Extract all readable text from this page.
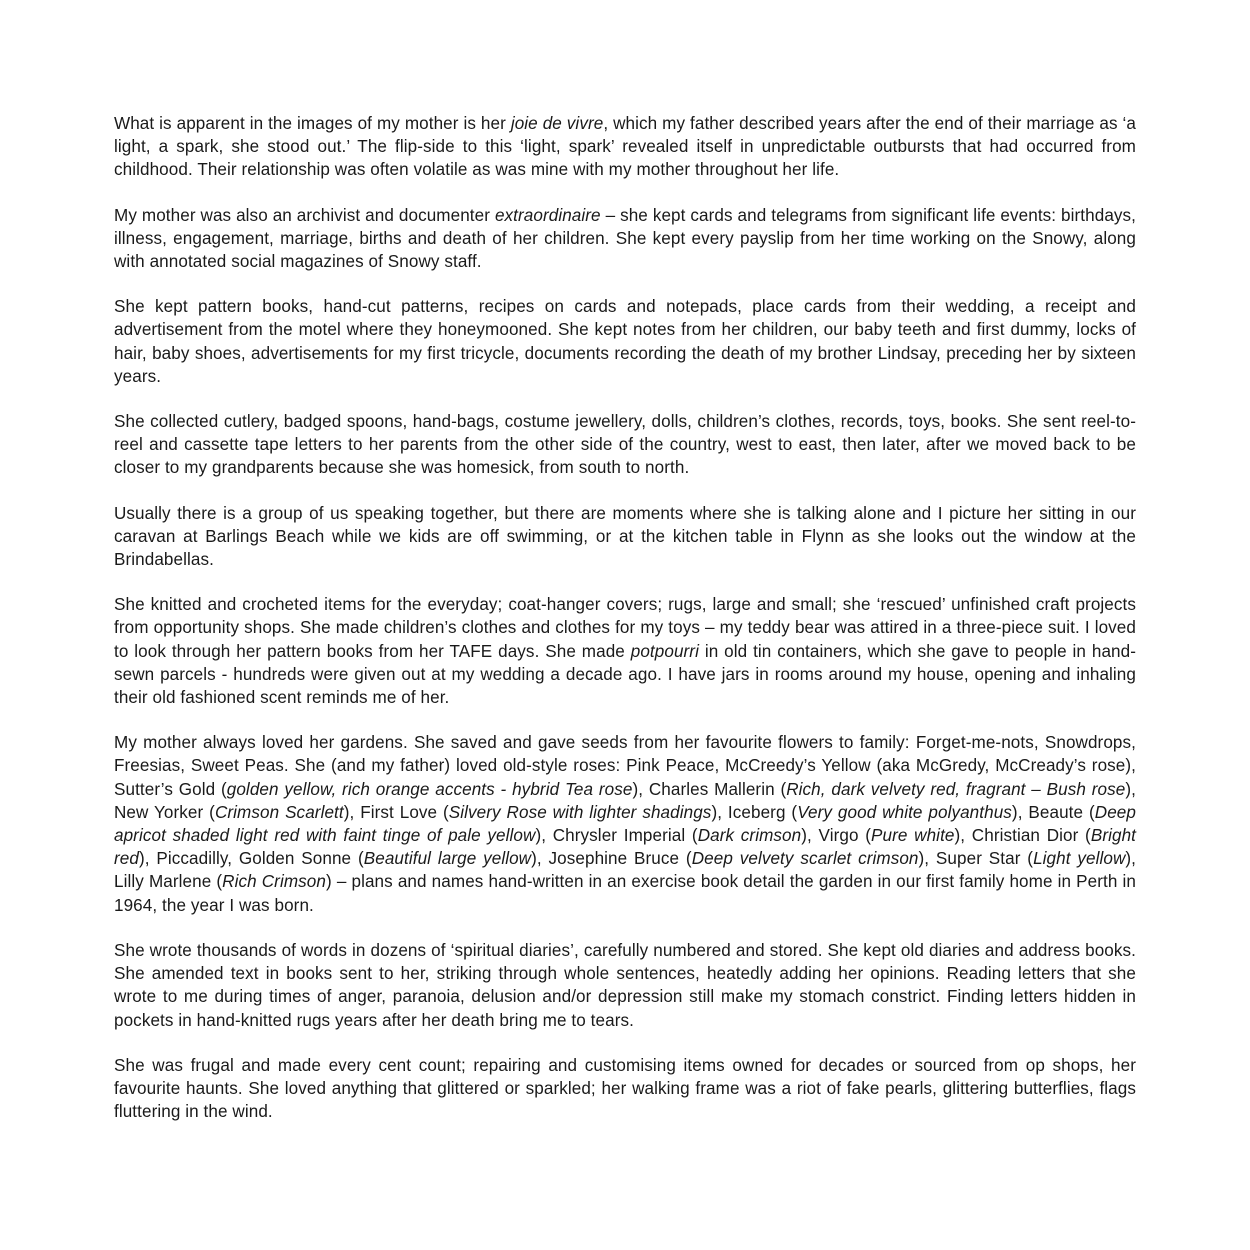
What is apparent in the images of my mother is her joie de vivre, which my father described years after the end of their marriage as ‘a light, a spark, she stood out.’ The flip-side to this ‘light, spark’ revealed itself in unpredictable outbursts that had occurred from childhood. Their relationship was often volatile as was mine with my mother throughout her life.

My mother was also an archivist and documenter extraordinaire – she kept cards and telegrams from significant life events: birthdays, illness, engagement, marriage, births and death of her children. She kept every payslip from her time working on the Snowy, along with annotated social magazines of Snowy staff.

She kept pattern books, hand-cut patterns, recipes on cards and notepads, place cards from their wedding, a receipt and advertisement from the motel where they honeymooned. She kept notes from her children, our baby teeth and first dummy, locks of hair, baby shoes, advertisements for my first tricycle, documents recording the death of my brother Lindsay, preceding her by sixteen years.

She collected cutlery, badged spoons, hand-bags, costume jewellery, dolls, children’s clothes, records, toys, books. She sent reel-to-reel and cassette tape letters to her parents from the other side of the country, west to east, then later, after we moved back to be closer to my grandparents because she was homesick, from south to north.

Usually there is a group of us speaking together, but there are moments where she is talking alone and I picture her sitting in our caravan at Barlings Beach while we kids are off swimming, or at the kitchen table in Flynn as she looks out the window at the Brindabellas.

She knitted and crocheted items for the everyday; coat-hanger covers; rugs, large and small; she ‘rescued’ unfinished craft projects from opportunity shops. She made children’s clothes and clothes for my toys – my teddy bear was attired in a three-piece suit. I loved to look through her pattern books from her TAFE days. She made potpourri in old tin containers, which she gave to people in hand-sewn parcels - hundreds were given out at my wedding a decade ago. I have jars in rooms around my house, opening and inhaling their old fashioned scent reminds me of her.

My mother always loved her gardens. She saved and gave seeds from her favourite flowers to family: Forget-me-nots, Snowdrops, Freesias, Sweet Peas. She (and my father) loved old-style roses: Pink Peace, McCreedy’s Yellow (aka McGredy, McCready’s rose), Sutter’s Gold (golden yellow, rich orange accents - hybrid Tea rose), Charles Mallerin (Rich, dark velvety red, fragrant – Bush rose), New Yorker (Crimson Scarlett), First Love (Silvery Rose with lighter shadings), Iceberg (Very good white polyanthus), Beaute (Deep apricot shaded light red with faint tinge of pale yellow), Chrysler Imperial (Dark crimson), Virgo (Pure white), Christian Dior (Bright red), Piccadilly, Golden Sonne (Beautiful large yellow), Josephine Bruce (Deep velvety scarlet crimson), Super Star (Light yellow), Lilly Marlene (Rich Crimson) – plans and names hand-written in an exercise book detail the garden in our first family home in Perth in 1964, the year I was born.

She wrote thousands of words in dozens of ‘spiritual diaries’, carefully numbered and stored. She kept old diaries and address books. She amended text in books sent to her, striking through whole sentences, heatedly adding her opinions. Reading letters that she wrote to me during times of anger, paranoia, delusion and/or depression still make my stomach constrict. Finding letters hidden in pockets in hand-knitted rugs years after her death bring me to tears.

She was frugal and made every cent count; repairing and customising items owned for decades or sourced from op shops, her favourite haunts. She loved anything that glittered or sparkled; her walking frame was a riot of fake pearls, glittering butterflies, flags fluttering in the wind.
